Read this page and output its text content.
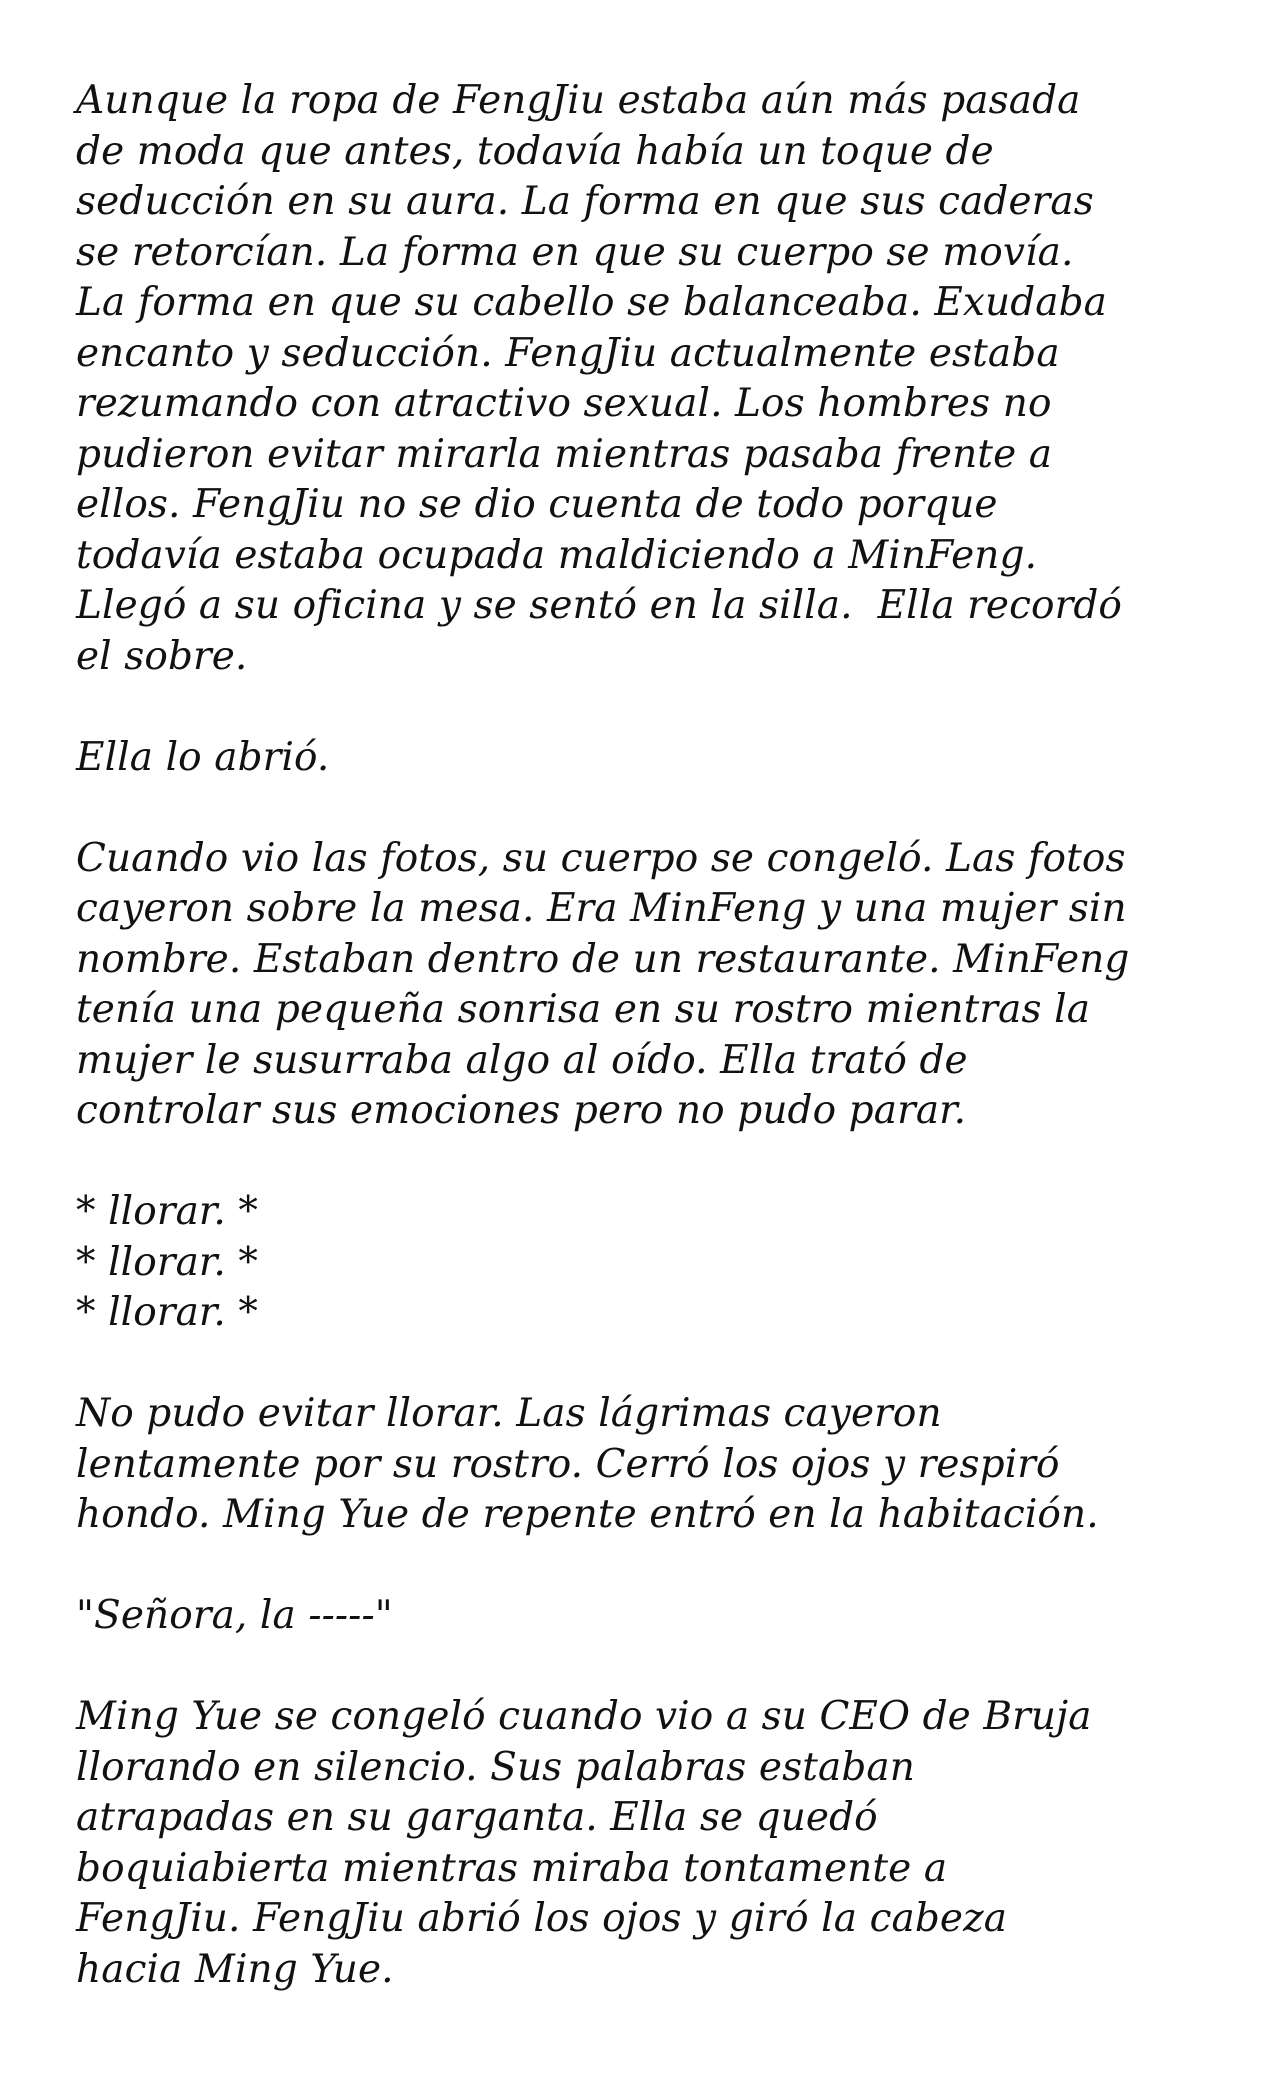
Aunque la ropa de FengJiu estaba aún más pasada
de moda que antes, todavía había un toque de
seducción en su aura. La forma en que sus caderas
se retorcían. La forma en que su cuerpo se movía.
La forma en que su cabello se balanceaba. Exudaba
encanto y seducción. FengJiu actualmente estaba
rezumando con atractivo sexual. Los hombres no
pudieron evitar mirarla mientras pasaba frente a
ellos. FengJiu no se dio cuenta de todo porque
todavía estaba ocupada maldiciendo a MinFeng.
Llegó a su oficina y se sentó en la silla.  Ella recordó
el sobre.

Ella lo abrió.

Cuando vio las fotos, su cuerpo se congeló. Las fotos
cayeron sobre la mesa. Era MinFeng y una mujer sin
nombre. Estaban dentro de un restaurante. MinFeng
tenía una pequeña sonrisa en su rostro mientras la
mujer le susurraba algo al oído. Ella trató de
controlar sus emociones pero no pudo parar.

* llorar. *
* llorar. *
* llorar. *

No pudo evitar llorar. Las lágrimas cayeron
lentamente por su rostro. Cerró los ojos y respiró
hondo. Ming Yue de repente entró en la habitación.

"Señora, la -----"

Ming Yue se congeló cuando vio a su CEO de Bruja
llorando en silencio. Sus palabras estaban
atrapadas en su garganta. Ella se quedó
boquiabierta mientras miraba tontamente a
FengJiu. FengJiu abrió los ojos y giró la cabeza
hacia Ming Yue.
